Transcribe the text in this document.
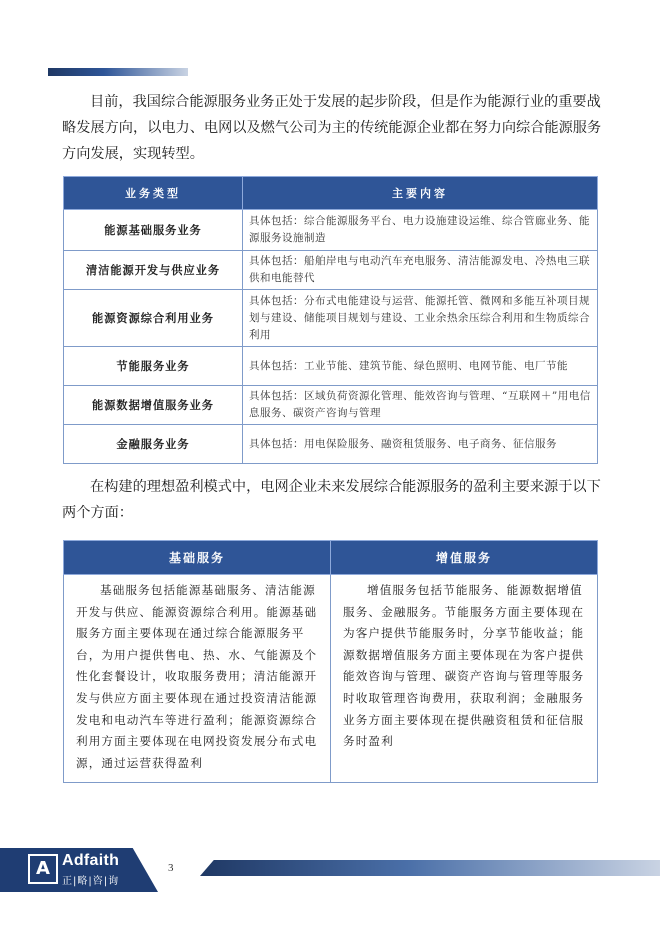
目前，我国综合能源服务业务正处于发展的起步阶段，但是作为能源行业的重要战略发展方向，以电力、电网以及燃气公司为主的传统能源企业都在努力向综合能源服务方向发展，实现转型。

业务类型	主要内容
能源基础服务业务	具体包括：综合能源服务平台、电力设施建设运维、综合管廊业务、能源服务设施制造
清洁能源开发与供应业务	具体包括：船舶岸电与电动汽车充电服务、清洁能源发电、冷热电三联供和电能替代
能源资源综合利用业务	具体包括：分布式电能建设与运营、能源托管、微网和多能互补项目规划与建设、储能项目规划与建设、工业余热余压综合利用和生物质综合利用
节能服务业务	具体包括：工业节能、建筑节能、绿色照明、电网节能、电厂节能
能源数据增值服务业务	具体包括：区域负荷资源化管理、能效咨询与管理、“互联网＋”用电信息服务、碳资产咨询与管理
金融服务业务	具体包括：用电保险服务、融资租赁服务、电子商务、征信服务

在构建的理想盈利模式中，电网企业未来发展综合能源服务的盈利主要来源于以下两个方面：

基础服务	增值服务
基础服务包括能源基础服务、清洁能源开发与供应、能源资源综合利用。能源基础服务方面主要体现在通过综合能源服务平台，为用户提供售电、热、水、气能源及个性化套餐设计，收取服务费用；清洁能源开发与供应方面主要体现在通过投资清洁能源发电和电动汽车等进行盈利；能源资源综合利用方面主要体现在电网投资发展分布式电源，通过运营获得盈利	增值服务包括节能服务、能源数据增值服务、金融服务。节能服务方面主要体现在为客户提供节能服务时，分享节能收益；能源数据增值服务方面主要体现在为客户提供能效咨询与管理、碳资产咨询与管理等服务时收取管理咨询费用，获取利润；金融服务业务方面主要体现在提供融资租赁和征信服务时盈利
A Adfaith
正|略|咨|询
3
